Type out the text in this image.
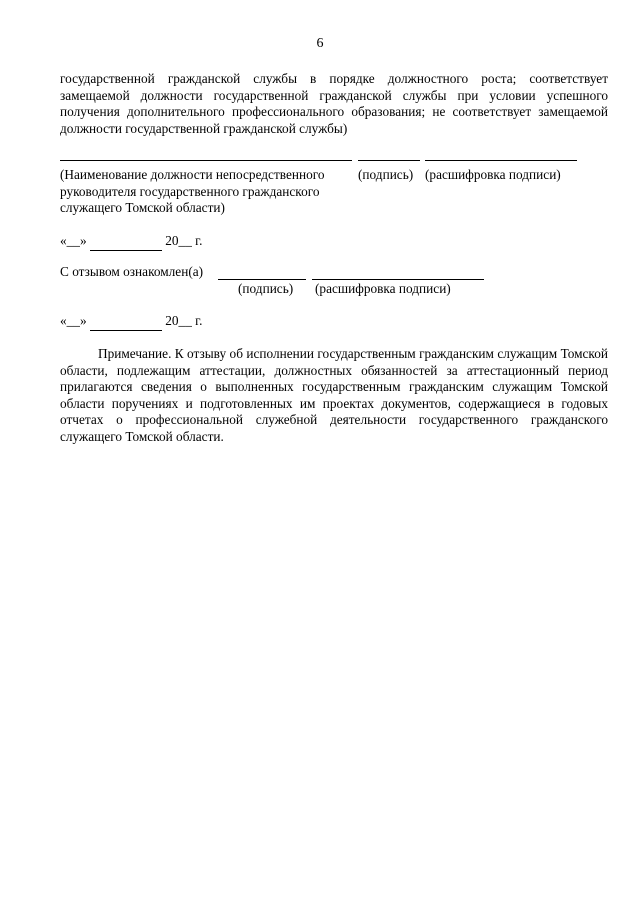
6
государственной гражданской службы в порядке должностного роста; соответствует замещаемой должности государственной гражданской службы при условии успешного получения дополнительного профессионального образования; не соответствует замещаемой должности государственной гражданской службы)
(Наименование должности непосредственного руководителя государственного гражданского служащего Томской области)
(подпись) (расшифровка подписи)
«__»	20__ г.
С отзывом ознакомлен(а)
(подпись) (расшифровка подписи)
«__»	20__ г.
Примечание. К отзыву об исполнении государственным гражданским служащим Томской области, подлежащим аттестации, должностных обязанностей за аттестационный период прилагаются сведения о выполненных государственным гражданским служащим Томской области поручениях и подготовленных им проектах документов, содержащиеся в годовых отчетах о профессиональной служебной деятельности государственного гражданского служащего Томской области.
